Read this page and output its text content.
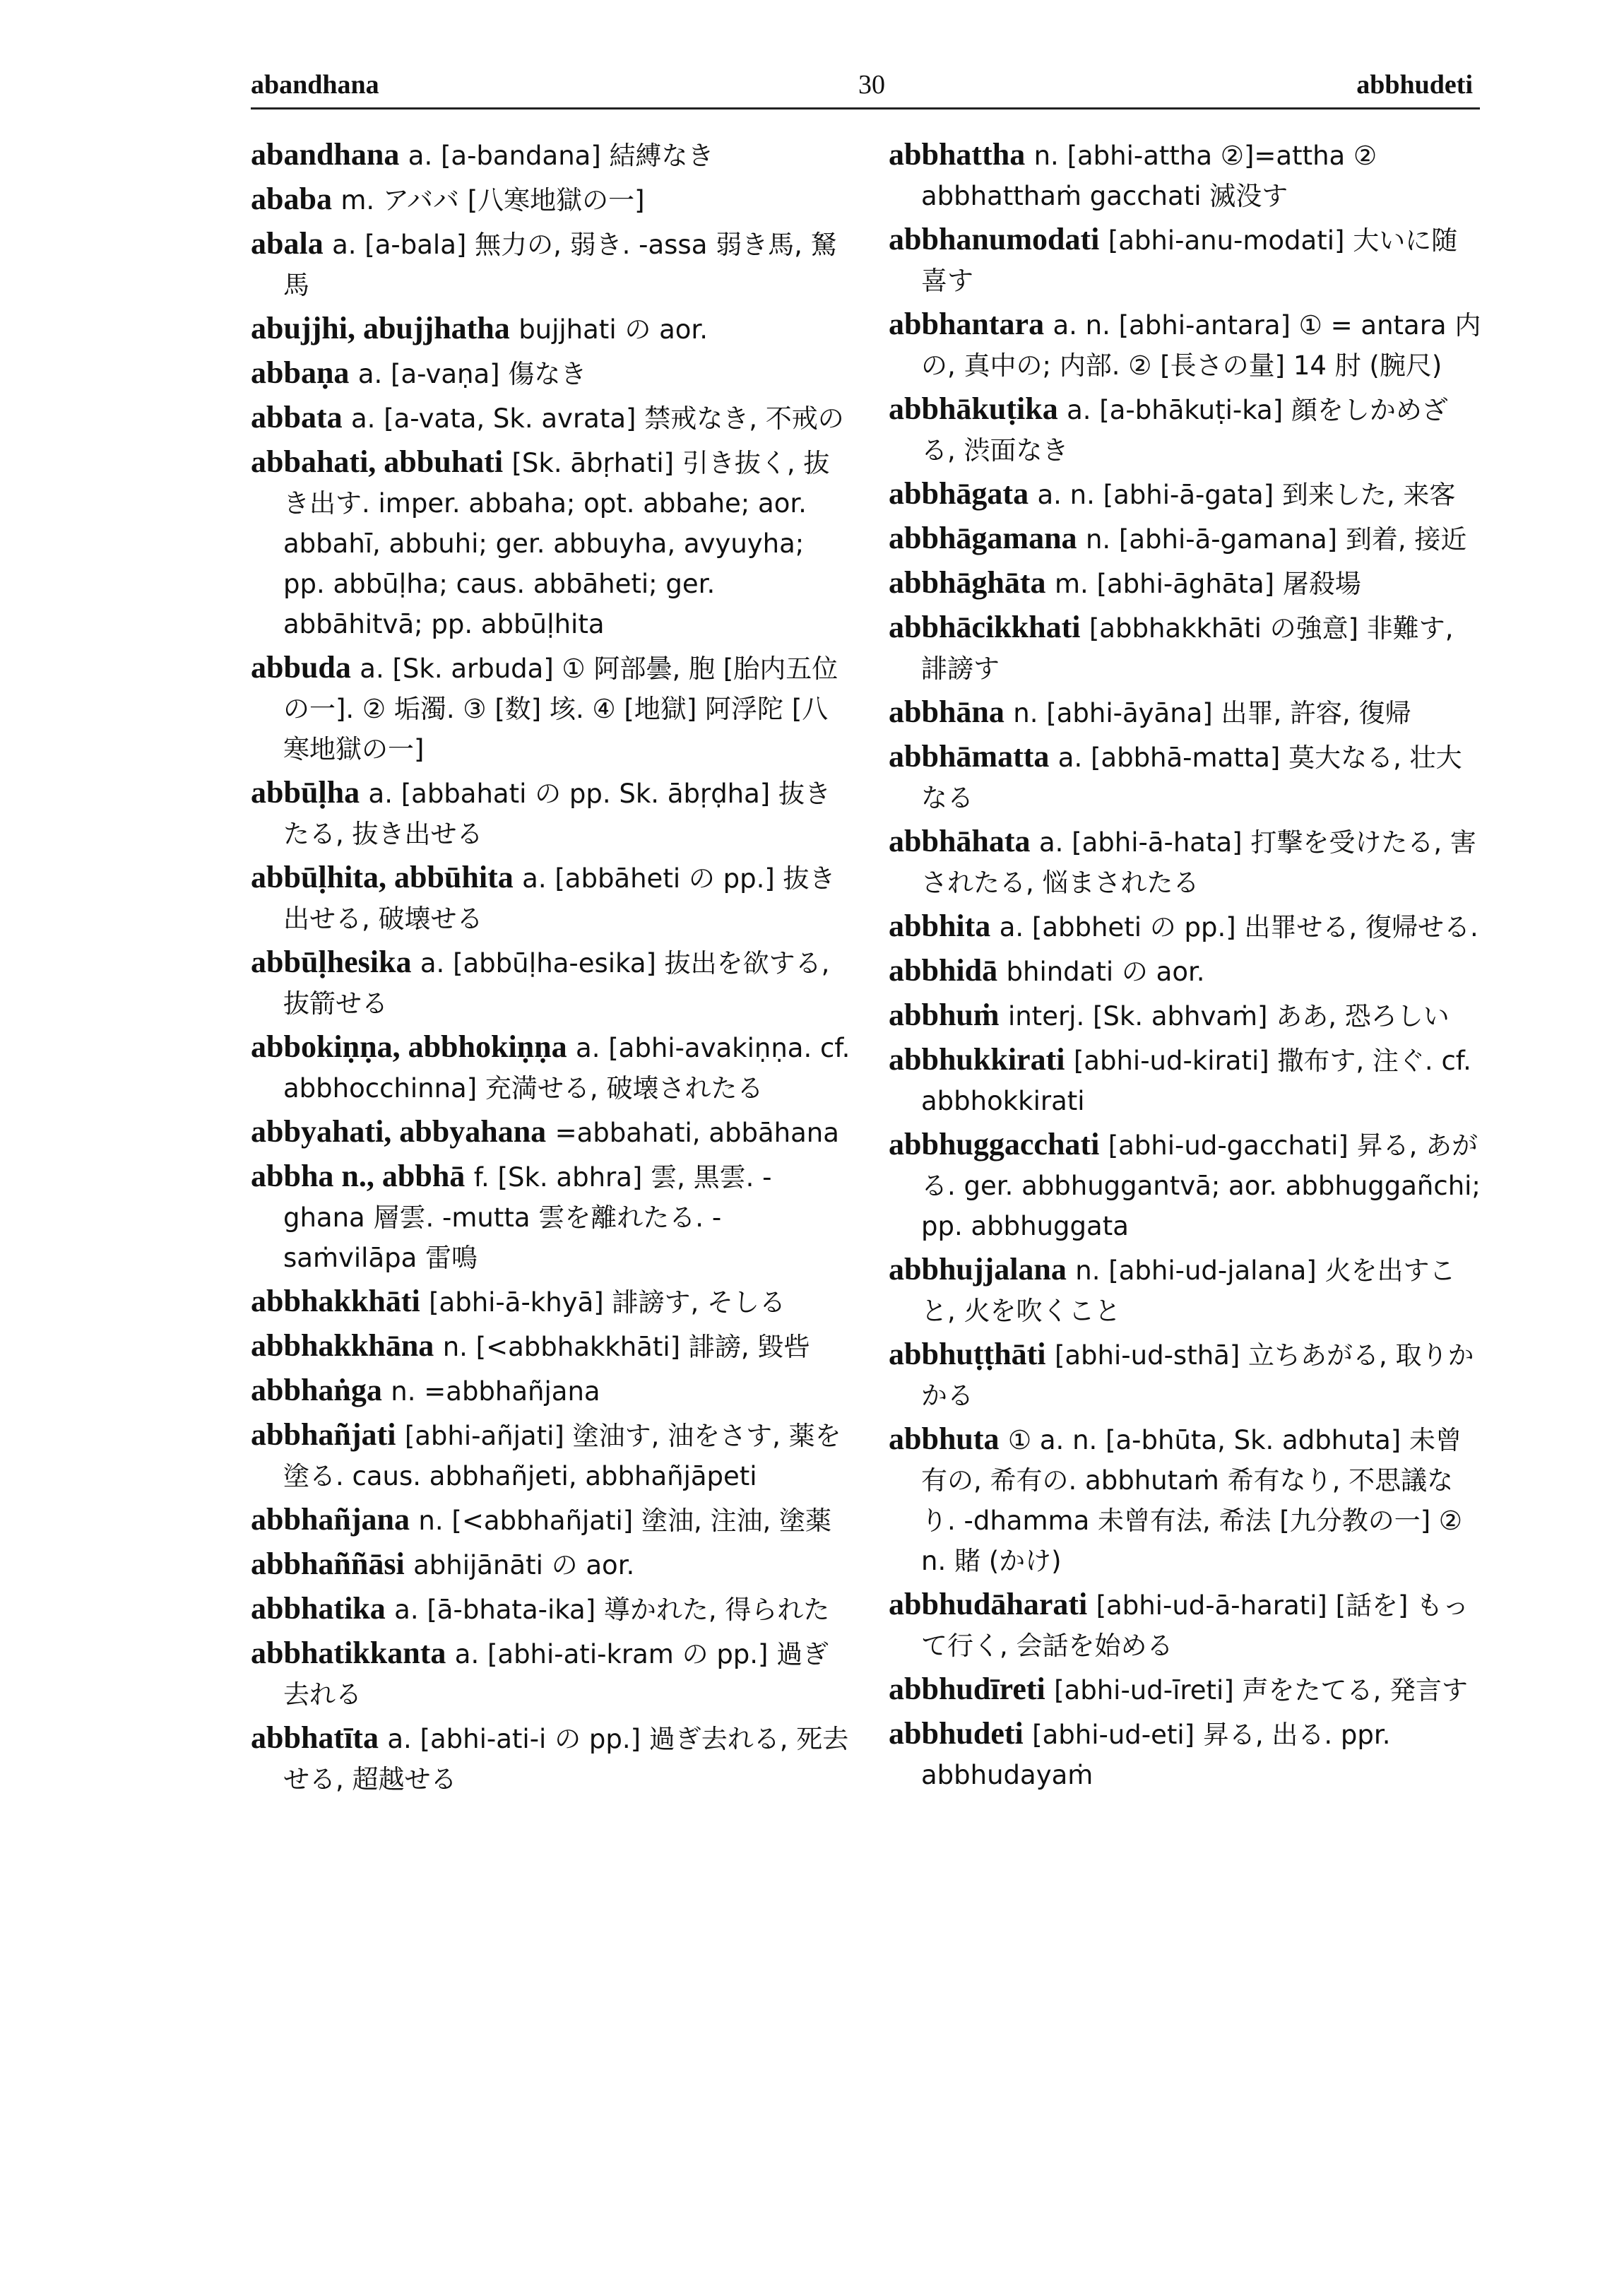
abandhana	30	abbhudeti
abandhana a. [a-bandana] 結縛なき
ababa m. アババ [八寒地獄の一]
abala a. [a-bala] 無力の, 弱き. -assa 弱き馬, 駑馬
abujjhi, abujjhatha bujjhati の aor.
abbaṇa a. [a-vaṇa] 傷なき
abbata a. [a-vata, Sk. avrata] 禁戒なき, 不戒の
abbahati, abbuhati [Sk. ābṛhati] 引き抜く, 抜き出す. imper. abbaha; opt. abbahe; aor. abbahī, abbuhi; ger. abbuyha, avyuyha; pp. abbūḷha; caus. abbāheti; ger. abbāhitvā; pp. abbūḷhita
abbuda a. [Sk. arbuda] ① 阿部曇, 胞 [胎内五位の一]. ② 垢濁. ③ [数] 垓. ④ [地獄] 阿浮陀 [八寒地獄の一]
abbūḷha a. [abbahati の pp. Sk. ābṛḍha] 抜きたる, 抜き出せる
abbūḷhita, abbūhita a. [abbāheti の pp.] 抜き出せる, 破壊せる
abbūḷhesika a. [abbūḷha-esika] 抜出を欲する, 抜箭せる
abbokiṇṇa, abbhokiṇṇa a. [abhi-avakiṇṇa. cf. abbhocchinna] 充満せる, 破壊されたる
abbyahati, abbyahana =abbahati, abbāhana
abbha n., abbhā f. [Sk. abhra] 雲, 黒雲. -ghana 層雲. -mutta 雲を離れたる. -saṁvilāpa 雷鳴
abbhakkhāti [abhi-ā-khyā] 誹謗す, そしる
abbhakkhāna n. [<abbhakkhāti] 誹謗, 毀呰
abbhaṅga n. =abbhañjana
abbhañjati [abhi-añjati] 塗油す, 油をさす, 薬を塗る. caus. abbhañjeti, abbhañjāpeti
abbhañjana n. [<abbhañjati] 塗油, 注油, 塗薬
abbhaññāsi abhijānāti の aor.
abbhatika a. [ā-bhata-ika] 導かれた, 得られた
abbhatikkanta a. [abhi-ati-kram の pp.] 過ぎ去れる
abbhatīta a. [abhi-ati-i の pp.] 過ぎ去れる, 死去せる, 超越せる
abbhattha n. [abhi-attha ②]=attha ② abbhatthaṁ gacchati 滅没す
abbhanumodati [abhi-anu-modati] 大いに随喜す
abbhantara a. n. [abhi-antara] ① = antara 内の, 真中の; 内部. ② [長さの量] 14 肘 (腕尺)
abbhākuṭika a. [a-bhākuṭi-ka] 顔をしかめざる, 渋面なき
abbhāgata a. n. [abhi-ā-gata] 到来した, 来客
abbhāgamana n. [abhi-ā-gamana] 到着, 接近
abbhāghāta m. [abhi-āghāta] 屠殺場
abbhācikkhati [abbhakkhāti の強意] 非難す, 誹謗す
abbhāna n. [abhi-āyāna] 出罪, 許容, 復帰
abbhāmatta a. [abbhā-matta] 莫大なる, 壮大なる
abbhāhata a. [abhi-ā-hata] 打撃を受けたる, 害されたる, 悩まされたる
abbhita a. [abbheti の pp.] 出罪せる, 復帰せる.
abbhidā bhindati の aor.
abbhuṁ interj. [Sk. abhvaṁ] ああ, 恐ろしい
abbhukkirati [abhi-ud-kirati] 撒布す, 注ぐ. cf. abbhokkirati
abbhuggacchati [abhi-ud-gacchati] 昇る, あがる. ger. abbhuggantvā; aor. abbhuggañchi; pp. abbhuggata
abbhujjalana n. [abhi-ud-jalana] 火を出すこと, 火を吹くこと
abbhuṭṭhāti [abhi-ud-sthā] 立ちあがる, 取りかかる
abbhuta ① a. n. [a-bhūta, Sk. adbhuta] 未曾有の, 希有の. abbhutaṁ 希有なり, 不思議なり. -dhamma 未曾有法, 希法 [九分教の一] ② n. 賭 (かけ)
abbhudāharati [abhi-ud-ā-harati] [話を] もって行く, 会話を始める
abbhudīreti [abhi-ud-īreti] 声をたてる, 発言す
abbhudeti [abhi-ud-eti] 昇る, 出る. ppr. abbhudayaṁ
